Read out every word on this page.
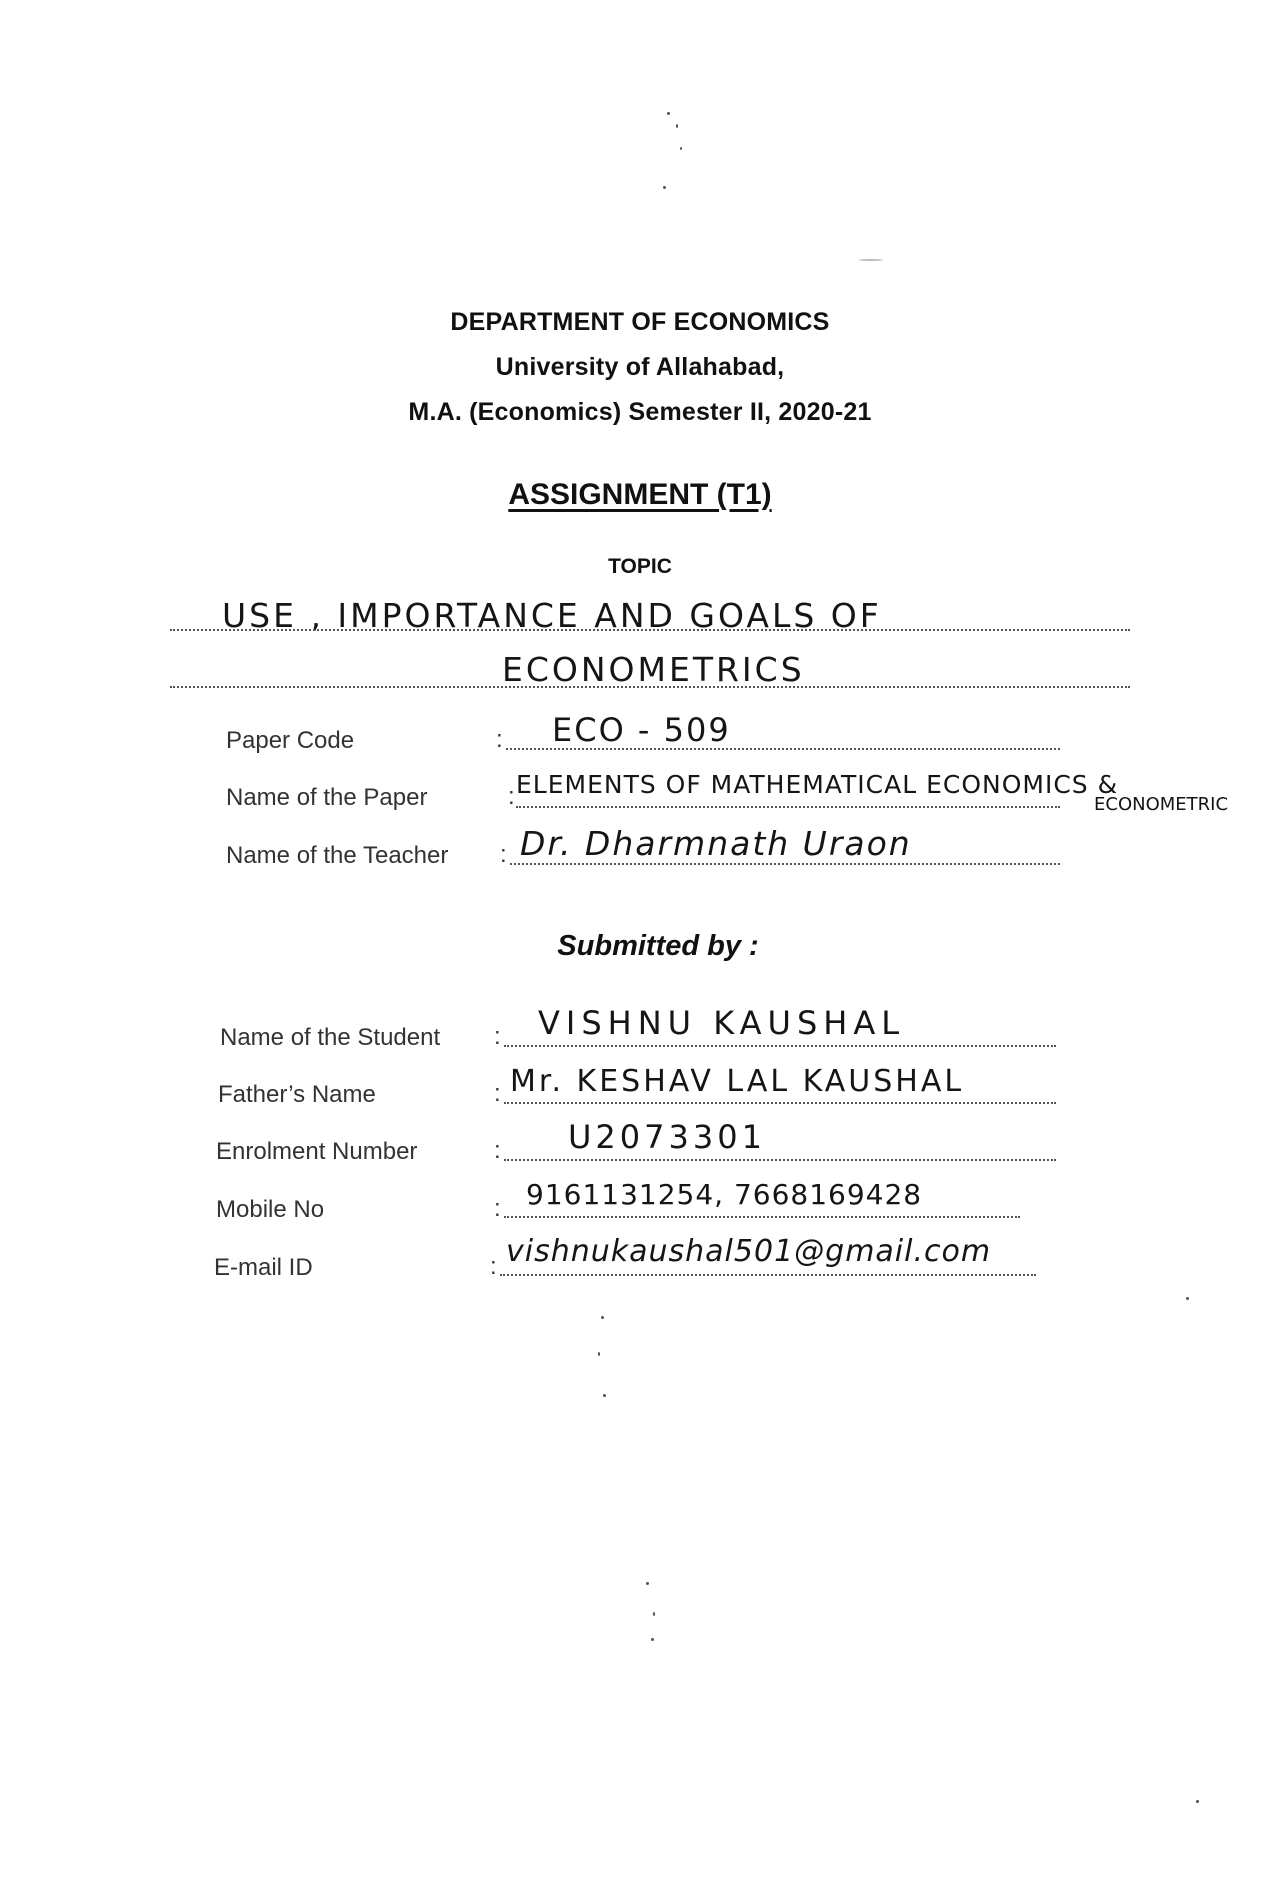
DEPARTMENT OF ECONOMICS
University of Allahabad,
M.A. (Economics) Semester II, 2020-21
ASSIGNMENT (T1)
TOPIC
USE , IMPORTANCE AND GOALS OF
ECONOMETRICS
Paper Code	: ECO - 509
Name of the Paper	: ELEMENTS OF MATHEMATICAL ECONOMICS &
ECONOMETRIC
Name of the Teacher : Dr. Dharmnath Uraon
Submitted by :
Name of the Student : VISHNU KAUSHAL
Father’s Name	: Mr. KESHAV LAL KAUSHAL
Enrolment Number	: U2073301
Mobile No	: 9161131254, 7668169428
E-mail ID	: vishnukaushal501@gmail.com
